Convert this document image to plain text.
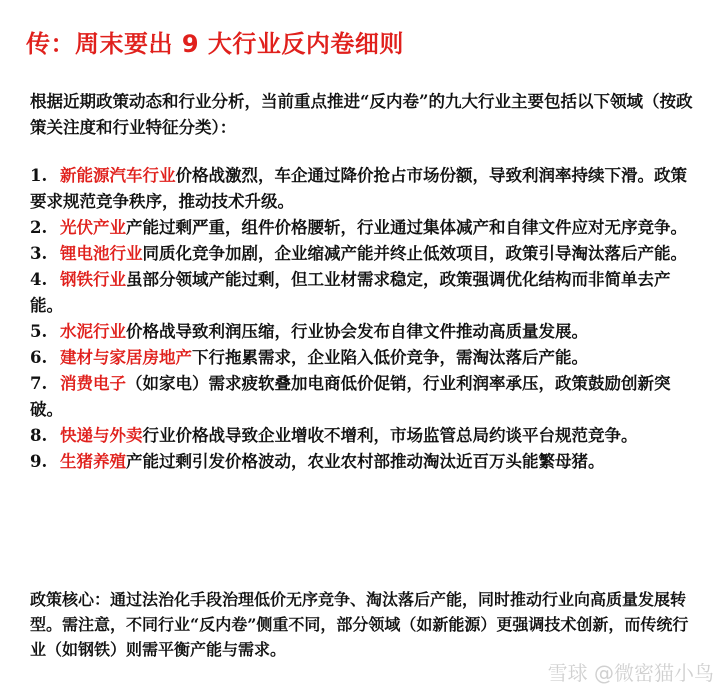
传：周末要出 9 大行业反内卷细则
根据近期政策动态和行业分析，当前重点推进“反内卷”的九大行业主要包括以下领域（按政策关注度和行业特征分类）：
1. 新能源汽车行业价格战激烈，车企通过降价抢占市场份额，导致利润率持续下滑。政策要求规范竞争秩序，推动技术升级。
2. 光伏产业产能过剩严重，组件价格腰斩，行业通过集体减产和自律文件应对无序竞争。
3. 锂电池行业同质化竞争加剧，企业缩减产能并终止低效项目，政策引导淘汰落后产能。
4. 钢铁行业虽部分领域产能过剩，但工业材需求稳定，政策强调优化结构而非简单去产能。
5. 水泥行业价格战导致利润压缩，行业协会发布自律文件推动高质量发展。
6. 建材与家居房地产下行拖累需求，企业陷入低价竞争，需淘汰落后产能。
7. 消费电子（如家电）需求疲软叠加电商低价促销，行业利润率承压，政策鼓励创新突破。
8. 快递与外卖行业价格战导致企业增收不增利，市场监管总局约谈平台规范竞争。
9. 生猪养殖产能过剩引发价格波动，农业农村部推动淘汰近百万头能繁母猪。
政策核心：通过法治化手段治理低价无序竞争、淘汰落后产能，同时推动行业向高质量发展转型。需注意，不同行业“反内卷”侧重不同，部分领域（如新能源）更强调技术创新，而传统行业（如钢铁）则需平衡产能与需求。
雪球 @微密猫小鸟
